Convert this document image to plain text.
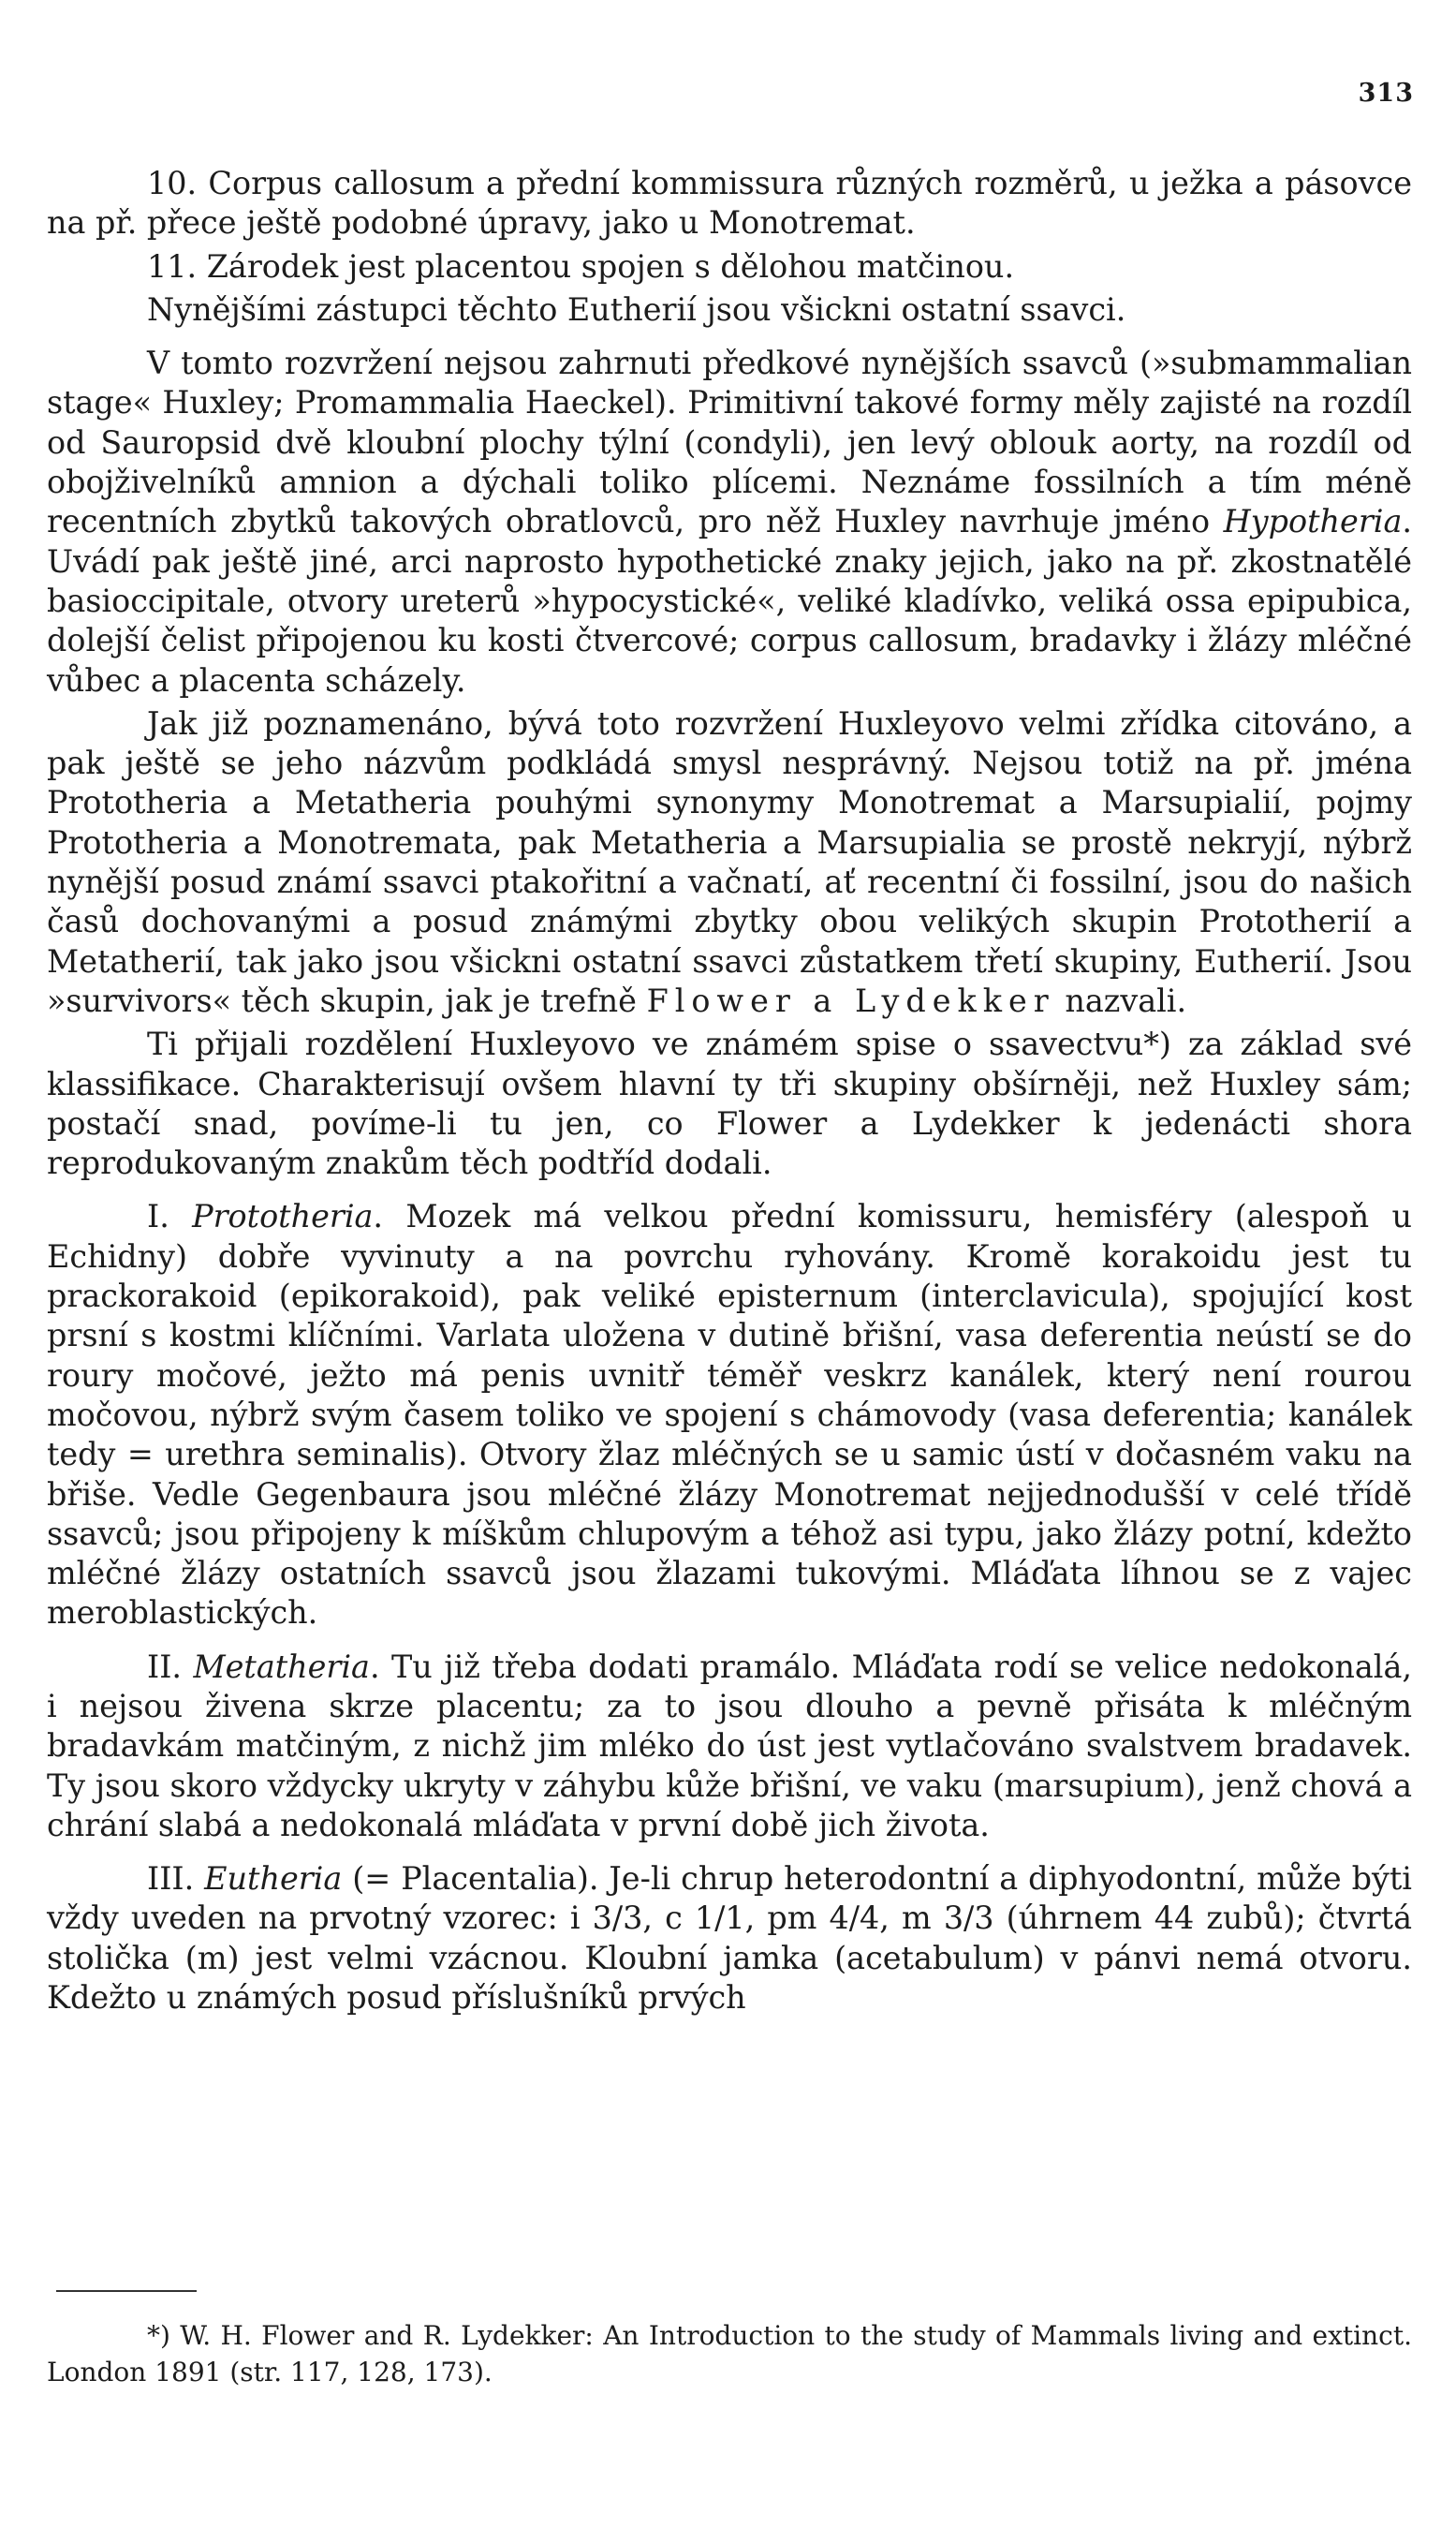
313

10. Corpus callosum a přední kommissura různých rozměrů, u ježka a pásovce na př. přece ještě podobné úpravy, jako u Monotremat.

11. Zárodek jest placentou spojen s dělohou matčinou.

Nynějšími zástupci těchto Eutherií jsou všickni ostatní ssavci.

V tomto rozvržení nejsou zahrnuti předkové nynějších ssavců (»submammalian stage« Huxley; Promammalia Haeckel). Primitivní takové formy měly zajisté na rozdíl od Sauropsid dvě kloubní plochy týlní (condyli), jen levý oblouk aorty, na rozdíl od obojživelníků amnion a dýchali toliko plícemi. Neznáme fossilních a tím méně recentních zbytků takových obratlovců, pro něž Huxley navrhuje jméno Hypotheria. Uvádí pak ještě jiné, arci naprosto hypothetické znaky jejich, jako na př. zkostnatělé basioccipitale, otvory ureterů »hypocystické«, veliké kladívko, veliká ossa epipubica, dolejší čelist připojenou ku kosti čtvercové; corpus callosum, bradavky i žlázy mléčné vůbec a placenta scházely.

Jak již poznamenáno, bývá toto rozvržení Huxleyovo velmi zřídka citováno, a pak ještě se jeho názvům podkládá smysl nesprávný. Nejsou totiž na př. jména Prototheria a Metatheria pouhými synonymy Monotremat a Marsupialií, pojmy Prototheria a Monotremata, pak Metatheria a Marsupialia se prostě nekryjí, nýbrž nynější posud známí ssavci ptakořitní a vačnatí, ať recentní či fossilní, jsou do našich časů dochovanými a posud známými zbytky obou velikých skupin Prototherií a Metatherií, tak jako jsou všickni ostatní ssavci zůstatkem třetí skupiny, Eutherií. Jsou »survivors« těch skupin, jak je trefně Flower a Lydekker nazvali.

Ti přijali rozdělení Huxleyovo ve známém spise o ssavectvu*) za základ své klassifikace. Charakterisují ovšem hlavní ty tři skupiny obšírněji, než Huxley sám; postačí snad, povíme-li tu jen, co Flower a Lydekker k jedenácti shora reprodukovaným znakům těch podtříd dodali.

I. Prototheria. Mozek má velkou přední komissuru, hemisféry (alespoň u Echidny) dobře vyvinuty a na povrchu ryhovány. Kromě korakoidu jest tu prackorakoid (epikorakoid), pak veliké episternum (interclavicula), spojující kost prsní s kostmi klíčními. Varlata uložena v dutině břišní, vasa deferentia neústí se do roury močové, ježto má penis uvnitř téměř veskrz kanálek, který není rourou močovou, nýbrž svým časem toliko ve spojení s chámovody (vasa deferentia; kanálek tedy = urethra seminalis). Otvory žlaz mléčných se u samic ústí v dočasném vaku na břiše. Vedle Gegenbaura jsou mléčné žlázy Monotremat nejjednodušší v celé třídě ssavců; jsou připojeny k míškům chlupovým a téhož asi typu, jako žlázy potní, kdežto mléčné žlázy ostatních ssavců jsou žlazami tukovými. Mláďata líhnou se z vajec meroblastických.

II. Metatheria. Tu již třeba dodati pramálo. Mláďata rodí se velice nedokonalá, i nejsou živena skrze placentu; za to jsou dlouho a pevně přisáta k mléčným bradavkám matčiným, z nichž jim mléko do úst jest vytlačováno svalstvem bradavek. Ty jsou skoro vždycky ukryty v záhybu kůže břišní, ve vaku (marsupium), jenž chová a chrání slabá a nedokonalá mláďata v první době jich života.

III. Eutheria (= Placentalia). Je-li chrup heterodontní a diphyodontní, může býti vždy uveden na prvotný vzorec: i 3/3, c 1/1, pm 4/4, m 3/3 (úhrnem 44 zubů); čtvrtá stolička (m) jest velmi vzácnou. Kloubní jamka (acetabulum) v pánvi nemá otvoru. Kdežto u známých posud příslušníků prvých

*) W. H. Flower and R. Lydekker: An Introduction to the study of Mammals living and extinct. London 1891 (str. 117, 128, 173).
